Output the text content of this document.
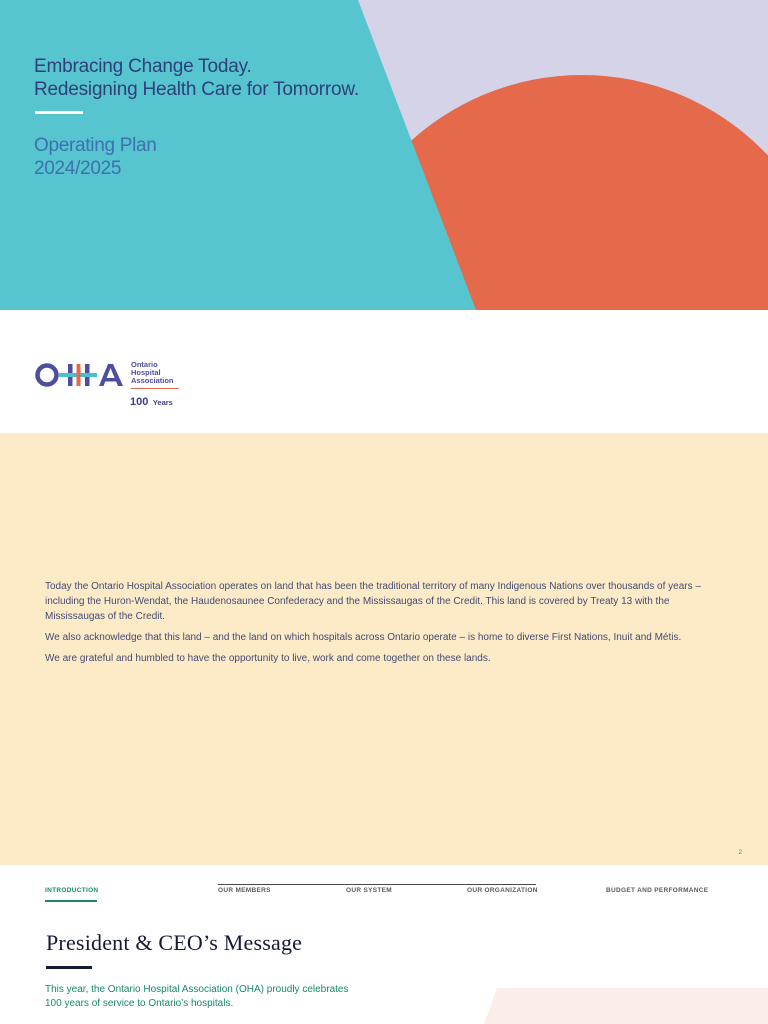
Embracing Change Today.
Redesigning Health Care for Tomorrow.
Operating Plan
2024/2025
Ontario
Hospital
Association
100 Years

Today the Ontario Hospital Association operates on land that has been the traditional territory of many Indigenous Nations over thousands of years – including the Huron-Wendat, the Haudenosaunee Confederacy and the Mississaugas of the Credit. This land is covered by Treaty 13 with the Mississaugas of the Credit.

We also acknowledge that this land – and the land on which hospitals across Ontario operate – is home to diverse First Nations, Inuit and Métis.

We are grateful and humbled to have the opportunity to live, work and come together on these lands.

2
INTRODUCTION	OUR MEMBERS	OUR SYSTEM	OUR ORGANIZATION	BUDGET AND PERFORMANCE
President & CEO’s Message
This year, the Ontario Hospital Association (OHA) proudly celebrates
100 years of service to Ontario’s hospitals.
